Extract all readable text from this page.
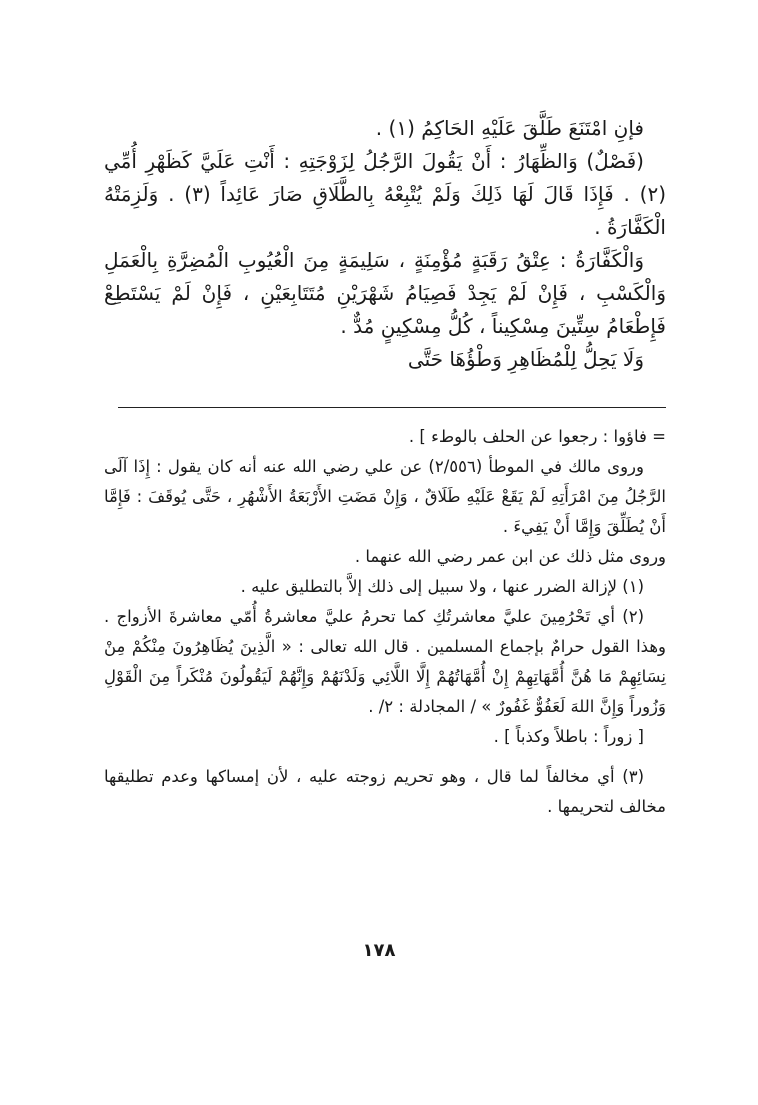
فإنِ امْتَنَعَ طَلَّقَ عَلَيْهِ الحَاكِمُ (١) .

(فَصْلٌ) وَالظِّهَارُ : أَنْ يَقُولَ الرَّجُلُ لِزَوْجَتِهِ : أَنْتِ عَلَيَّ كَظَهْرِ أُمِّي (٢) . فَإِذَا قَالَ لَهَا ذَلِكَ وَلَمْ يُتْبِعْهُ بِالطَّلَاقِ صَارَ عَائِداً (٣) . وَلَزِمَتْهُ الْكَفَّارَةُ .

وَالْكَفَّارَةُ : عِتْقُ رَقَبَةٍ مُؤْمِنَةٍ ، سَلِيمَةٍ مِنَ الْعُيُوبِ الْمُضِرَّةِ بِالْعَمَلِ وَالْكَسْبِ ، فَإِنْ لَمْ يَجِدْ فَصِيَامُ شَهْرَيْنِ مُتَتَابِعَيْنِ ، فَإِنْ لَمْ يَسْتَطِعْ فَإِطْعَامُ سِتِّينَ مِسْكِيناً ، كُلُّ مِسْكِينٍ مُدٌّ .

وَلَا يَحِلُّ لِلْمُظَاهِرِ وَطْؤُهَا حَتَّى

= فاؤوا : رجعوا عن الحلف بالوطء ] .

وروى مالك في الموطأ (٢/٥٥٦) عن علي رضي الله عنه أنه كان يقول : إِذَا آلَى الرَّجُلُ مِنَ امْرَأَتِهِ لَمْ يَقَعْ عَلَيْهِ طَلَاقٌ ، وَإِنْ مَضَتِ الأَرْبَعَةُ الأَشْهُرِ ، حَتَّى يُوقَفَ : فَإِمَّا أَنْ يُطَلِّقَ وَإِمَّا أَنْ يَفِيءَ .

وروى مثل ذلك عن ابن عمر رضي الله عنهما .

(١) لإزالة الضرر عنها ، ولا سبيل إلى ذلك إلاَّ بالتطليق عليه .

(٢) أي تَحْرُمِينَ عليَّ معاشرتُكِ كما تحرمُ عليَّ معاشرةُ أُمّي معاشرةَ الأزواج . وهذا القول حرامٌ بإجماع المسلمين . قال الله تعالى : « الَّذِينَ يُظَاهِرُونَ مِنْكُمْ مِنْ نِسَائِهِمْ مَا هُنَّ أُمَّهَاتِهِمْ إِنْ أُمَّهَاتُهُمْ إِلَّا اللَّائِي وَلَدْنَهُمْ وَإِنَّهُمْ لَيَقُولُونَ مُنْكَراً مِنَ الْقَوْلِ وَزُوراً وَإِنَّ اللهَ لَعَفُوٌّ غَفُورٌ » / المجادلة : ٢/ .

[ زوراً : باطلاً وكذباً ] .

(٣) أي مخالفاً لما قال ، وهو تحريم زوجته عليه ، لأن إمساكها وعدم تطليقها مخالف لتحريمها .

١٧٨
